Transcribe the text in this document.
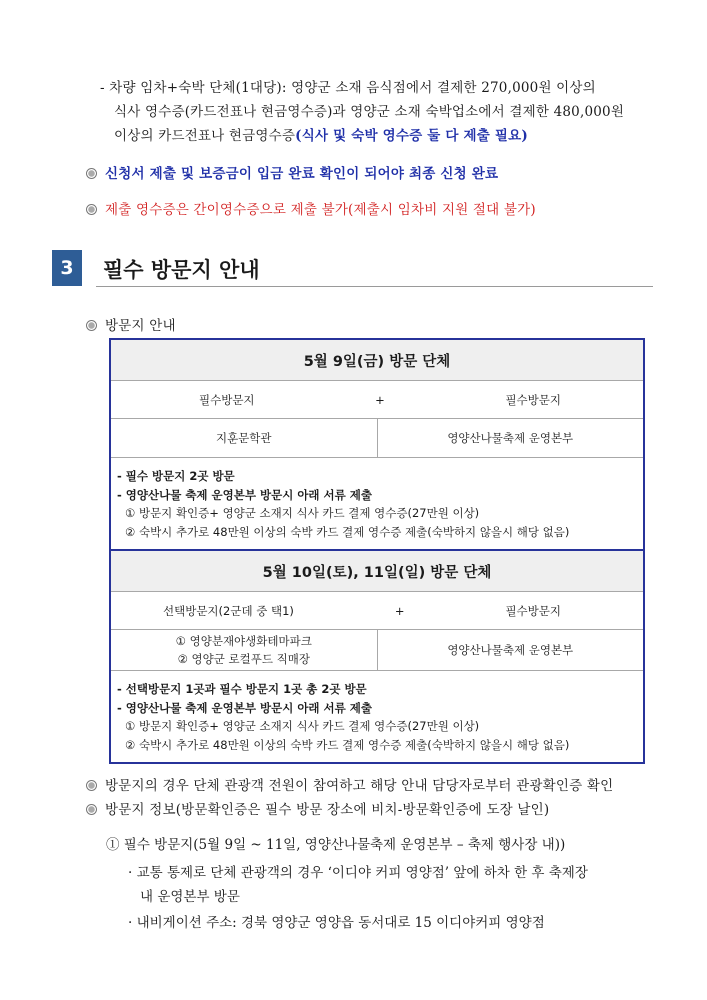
- 차량 임차+숙박 단체(1대당): 영양군 소재 음식점에서 결제한 270,000원 이상의
식사 영수증(카드전표나 현금영수증)과 영양군 소재 숙박업소에서 결제한 480,000원
이상의 카드전표나 현금영수증(식사 및 숙박 영수증 둘 다 제출 필요)
신청서 제출 및 보증금이 입금 완료 확인이 되어야 최종 신청 완료
제출 영수증은 간이영수증으로 제출 불가(제출시 임차비 지원 절대 불가)
3	필수 방문지 안내
방문지 안내
5월 9일(금) 방문 단체	

필수방문지 + 필수방문지	

지훈문학관	영양산나물축제 운영본부

- 필수 방문지 2곳 방문
- 영양산나물 축제 운영본부 방문시 아래 서류 제출
① 방문지 확인증+ 영양군 소재지 식사 카드 결제 영수증(27만원 이상)
② 숙박시 추가로 48만원 이상의 숙박 카드 결제 영수증 제출(숙박하지 않을시 해당 없음)	

5월 10일(토), 11일(일) 방문 단체	

선택방문지(2군데 중 택1) + 필수방문지	

① 영양분재야생화테마파크
② 영양군 로컬푸드 직매장	영양산나물축제 운영본부

- 선택방문지 1곳과 필수 방문지 1곳 총 2곳 방문
- 영양산나물 축제 운영본부 방문시 아래 서류 제출
① 방문지 확인증+ 영양군 소재지 식사 카드 결제 영수증(27만원 이상)
② 숙박시 추가로 48만원 이상의 숙박 카드 결제 영수증 제출(숙박하지 않을시 해당 없음)	
방문지의 경우 단체 관광객 전원이 참여하고 해당 안내 담당자로부터 관광확인증 확인
방문지 정보(방문확인증은 필수 방문 장소에 비치-방문확인증에 도장 날인)
① 필수 방문지(5월 9일 ~ 11일, 영양산나물축제 운영본부 – 축제 행사장 내))
· 교통 통제로 단체 관광객의 경우 ‘이디야 커피 영양점’ 앞에 하차 한 후 축제장
내 운영본부 방문
· 내비게이션 주소: 경북 영양군 영양읍 동서대로 15 이디야커피 영양점
